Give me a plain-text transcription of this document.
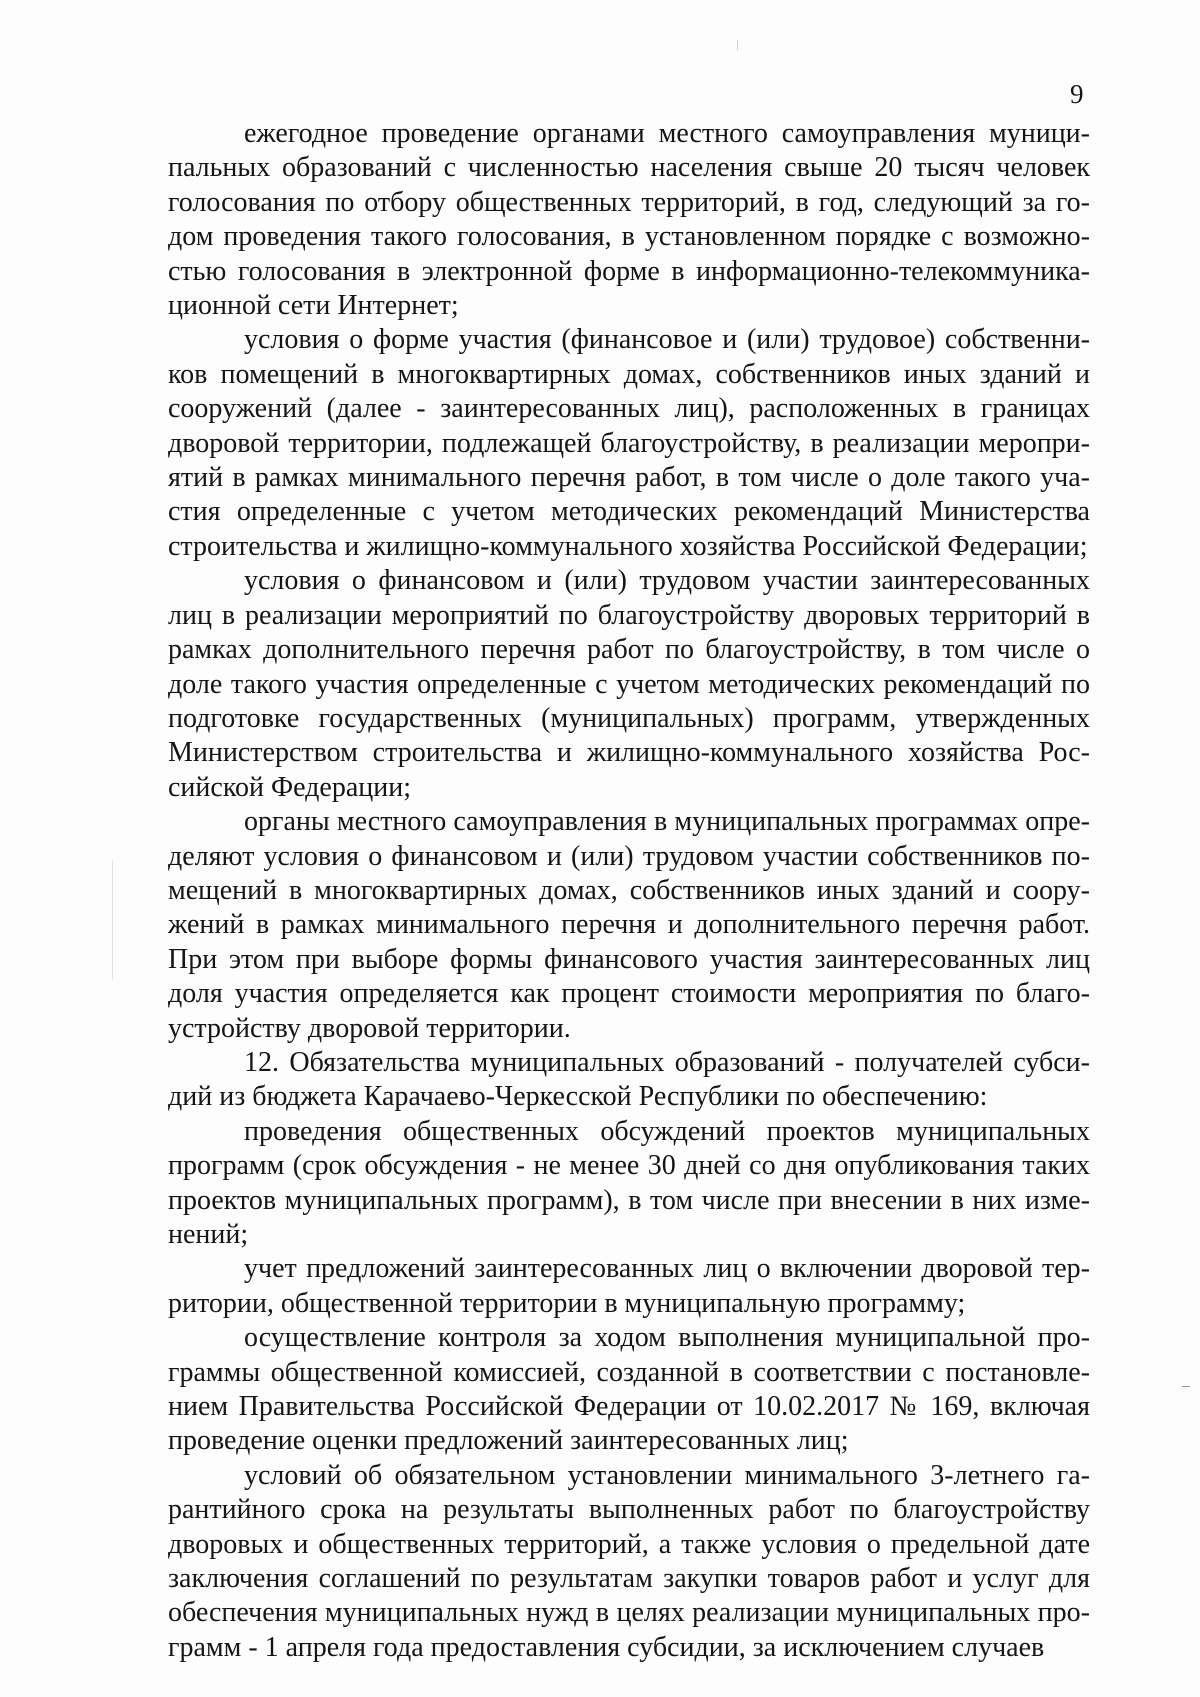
9

ежегодное проведение органами местного самоуправления муниципальных образований с численностью населения свыше 20 тысяч человек голосования по отбору общественных территорий, в год, следующий за годом проведения такого голосования, в установленном порядке с возможностью голосования в электронной форме в информационно-телекоммуникационной сети Интернет;

условия о форме участия (финансовое и (или) трудовое) собственников помещений в многоквартирных домах, собственников иных зданий и сооружений (далее - заинтересованных лиц), расположенных в границах дворовой территории, подлежащей благоустройству, в реализации мероприятий в рамках минимального перечня работ, в том числе о доле такого участия определенные с учетом методических рекомендаций Министерства строительства и жилищно-коммунального хозяйства Российской Федерации;

условия о финансовом и (или) трудовом участии заинтересованных лиц в реализации мероприятий по благоустройству дворовых территорий в рамках дополнительного перечня работ по благоустройству, в том числе о доле такого участия определенные с учетом методических рекомендаций по подготовке государственных (муниципальных) программ, утвержденных Министерством строительства и жилищно-коммунального хозяйства Российской Федерации;

органы местного самоуправления в муниципальных программах определяют условия о финансовом и (или) трудовом участии собственников помещений в многоквартирных домах, собственников иных зданий и сооружений в рамках минимального перечня и дополнительного перечня работ. При этом при выборе формы финансового участия заинтересованных лиц доля участия определяется как процент стоимости мероприятия по благоустройству дворовой территории.

12. Обязательства муниципальных образований - получателей субсидий из бюджета Карачаево-Черкесской Республики по обеспечению:

проведения общественных обсуждений проектов муниципальных программ (срок обсуждения - не менее 30 дней со дня опубликования таких проектов муниципальных программ), в том числе при внесении в них изменений;

учет предложений заинтересованных лиц о включении дворовой территории, общественной территории в муниципальную программу;

осуществление контроля за ходом выполнения муниципальной программы общественной комиссией, созданной в соответствии с постановлением Правительства Российской Федерации от 10.02.2017 № 169, включая проведение оценки предложений заинтересованных лиц;

условий об обязательном установлении минимального 3-летнего гарантийного срока на результаты выполненных работ по благоустройству дворовых и общественных территорий, а также условия о предельной дате заключения соглашений по результатам закупки товаров работ и услуг для обеспечения муниципальных нужд в целях реализации муниципальных программ - 1 апреля года предоставления субсидии, за исключением случаев
